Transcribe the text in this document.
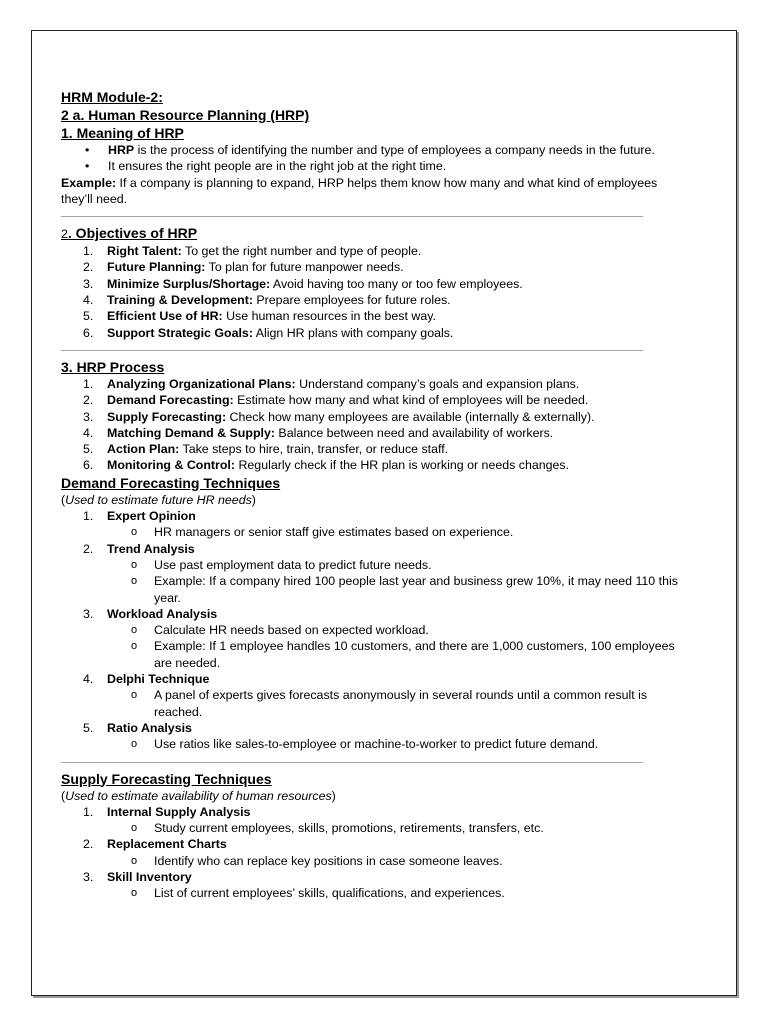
HRM Module-2:
2 a. Human Resource Planning (HRP)
1. Meaning of HRP
• HRP is the process of identifying the number and type of employees a company needs in the future.
• It ensures the right people are in the right job at the right time.
Example: If a company is planning to expand, HRP helps them know how many and what kind of employees they’ll need.
2. Objectives of HRP
1. Right Talent: To get the right number and type of people.
2. Future Planning: To plan for future manpower needs.
3. Minimize Surplus/Shortage: Avoid having too many or too few employees.
4. Training & Development: Prepare employees for future roles.
5. Efficient Use of HR: Use human resources in the best way.
6. Support Strategic Goals: Align HR plans with company goals.
3. HRP Process
1. Analyzing Organizational Plans: Understand company’s goals and expansion plans.
2. Demand Forecasting: Estimate how many and what kind of employees will be needed.
3. Supply Forecasting: Check how many employees are available (internally & externally).
4. Matching Demand & Supply: Balance between need and availability of workers.
5. Action Plan: Take steps to hire, train, transfer, or reduce staff.
6. Monitoring & Control: Regularly check if the HR plan is working or needs changes.
Demand Forecasting Techniques
(Used to estimate future HR needs)
1. Expert Opinion
o HR managers or senior staff give estimates based on experience.
2. Trend Analysis
o Use past employment data to predict future needs.
o Example: If a company hired 100 people last year and business grew 10%, it may need 110 this year.
3. Workload Analysis
o Calculate HR needs based on expected workload.
o Example: If 1 employee handles 10 customers, and there are 1,000 customers, 100 employees are needed.
4. Delphi Technique
o A panel of experts gives forecasts anonymously in several rounds until a common result is reached.
5. Ratio Analysis
o Use ratios like sales-to-employee or machine-to-worker to predict future demand.
Supply Forecasting Techniques
(Used to estimate availability of human resources)
1. Internal Supply Analysis
o Study current employees, skills, promotions, retirements, transfers, etc.
2. Replacement Charts
o Identify who can replace key positions in case someone leaves.
3. Skill Inventory
o List of current employees’ skills, qualifications, and experiences.
